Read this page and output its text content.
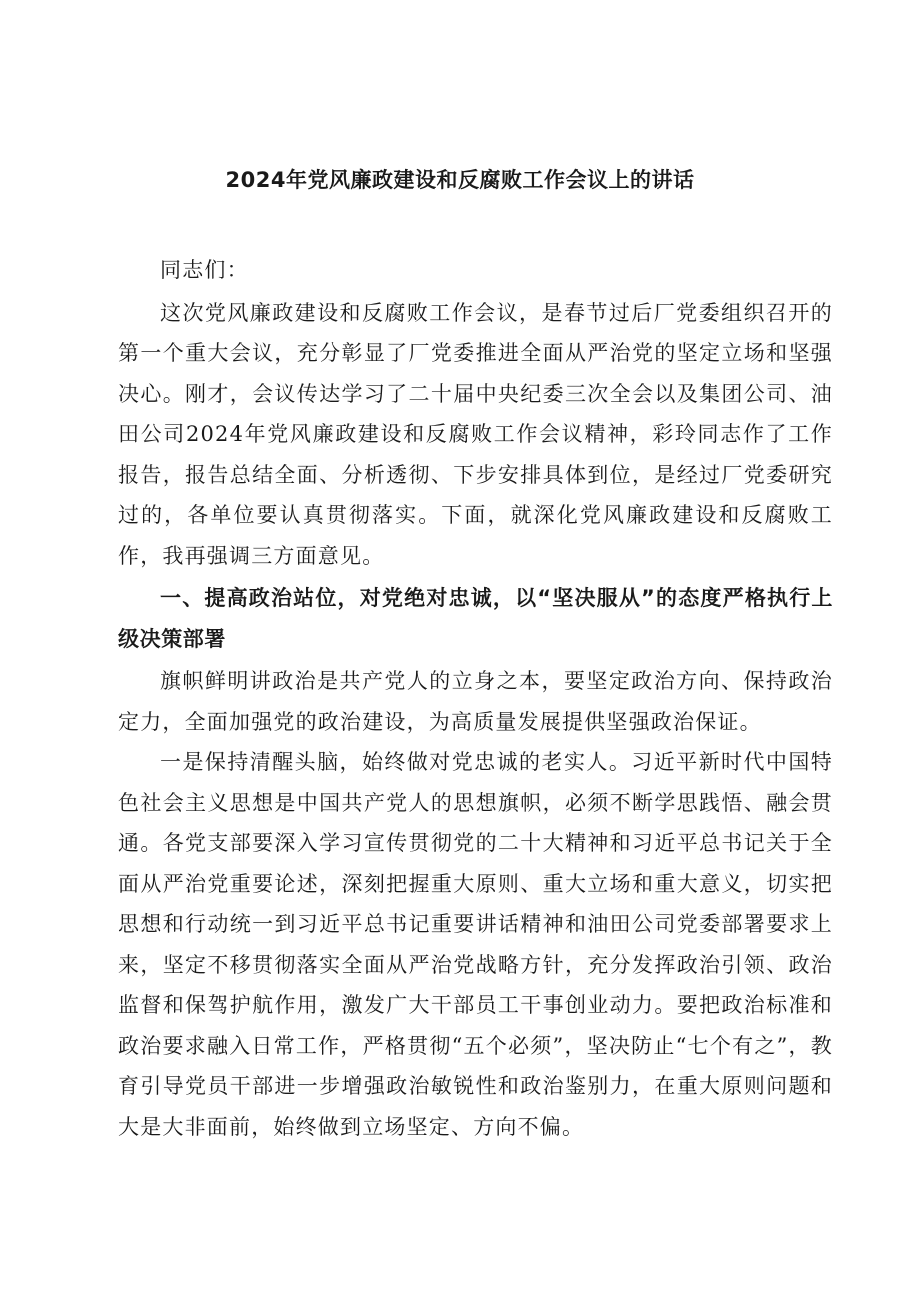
2024年党风廉政建设和反腐败工作会议上的讲话

同志们：

这次党风廉政建设和反腐败工作会议，是春节过后厂党委组织召开的第一个重大会议，充分彰显了厂党委推进全面从严治党的坚定立场和坚强决心。刚才，会议传达学习了二十届中央纪委三次全会以及集团公司、油田公司2024年党风廉政建设和反腐败工作会议精神，彩玲同志作了工作报告，报告总结全面、分析透彻、下步安排具体到位，是经过厂党委研究过的，各单位要认真贯彻落实。下面，就深化党风廉政建设和反腐败工作，我再强调三方面意见。

一、提高政治站位，对党绝对忠诚，以“坚决服从”的态度严格执行上级决策部署

旗帜鲜明讲政治是共产党人的立身之本，要坚定政治方向、保持政治定力，全面加强党的政治建设，为高质量发展提供坚强政治保证。

一是保持清醒头脑，始终做对党忠诚的老实人。习近平新时代中国特色社会主义思想是中国共产党人的思想旗帜，必须不断学思践悟、融会贯通。各党支部要深入学习宣传贯彻党的二十大精神和习近平总书记关于全面从严治党重要论述，深刻把握重大原则、重大立场和重大意义，切实把思想和行动统一到习近平总书记重要讲话精神和油田公司党委部署要求上来，坚定不移贯彻落实全面从严治党战略方针，充分发挥政治引领、政治监督和保驾护航作用，激发广大干部员工干事创业动力。要把政治标准和政治要求融入日常工作，严格贯彻“五个必须”，坚决防止“七个有之”，教育引导党员干部进一步增强政治敏锐性和政治鉴别力，在重大原则问题和大是大非面前，始终做到立场坚定、方向不偏。
